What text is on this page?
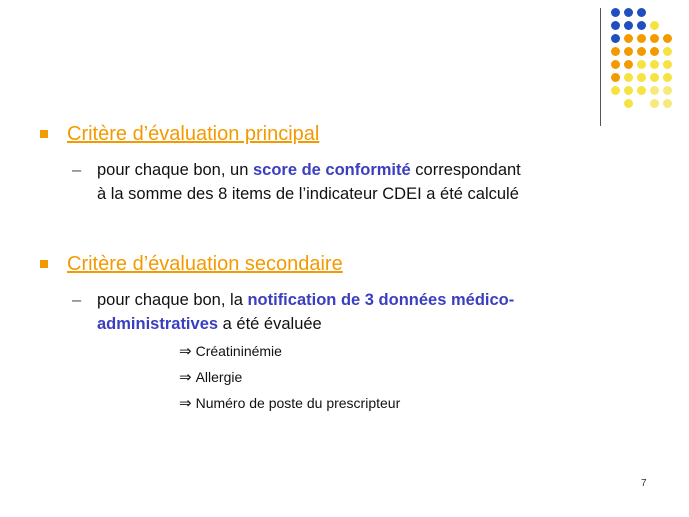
Critère d’évaluation principal
– pour chaque bon, un score de conformité correspondant
à la somme des 8 items de l’indicateur CDEI a été calculé
Critère d’évaluation secondaire
– pour chaque bon, la notification de 3 données médico-
administratives a été évaluée
⇒ Créatininémie
⇒ Allergie
⇒ Numéro de poste du prescripteur
7
